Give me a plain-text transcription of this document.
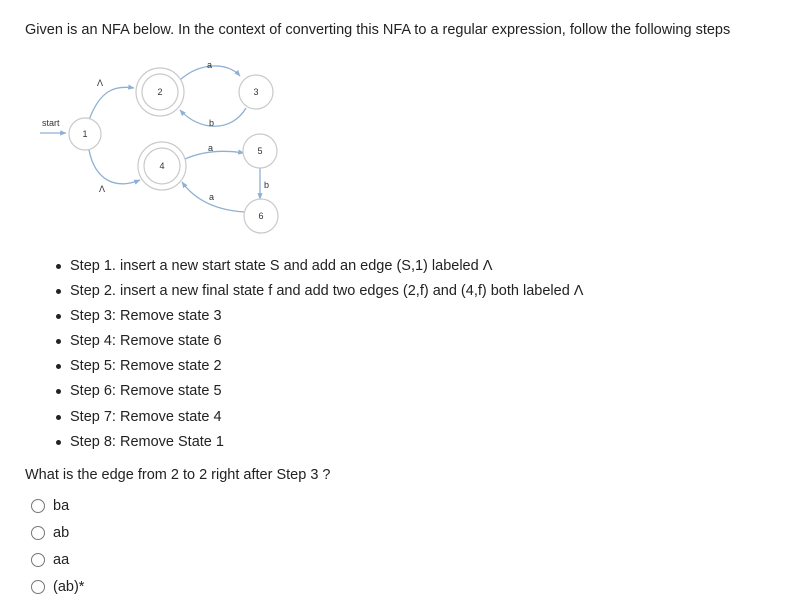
Given is an NFA below. In the context of converting this NFA to a regular expression, follow the following steps
start
Λ
a
b
a
b
a
Λ
1
2	3
4
5
6
Step 1. insert a new start state S and add an edge (S,1) labeled Λ
Step 2. insert a new final state f and add two edges (2,f) and (4,f) both labeled Λ
Step 3: Remove state 3
Step 4: Remove state 6
Step 5: Remove state 2
Step 6: Remove state 5
Step 7: Remove state 4
Step 8: Remove State 1
What is the edge from 2 to 2 right after Step 3 ?
ba
ab
aa
(ab)*
